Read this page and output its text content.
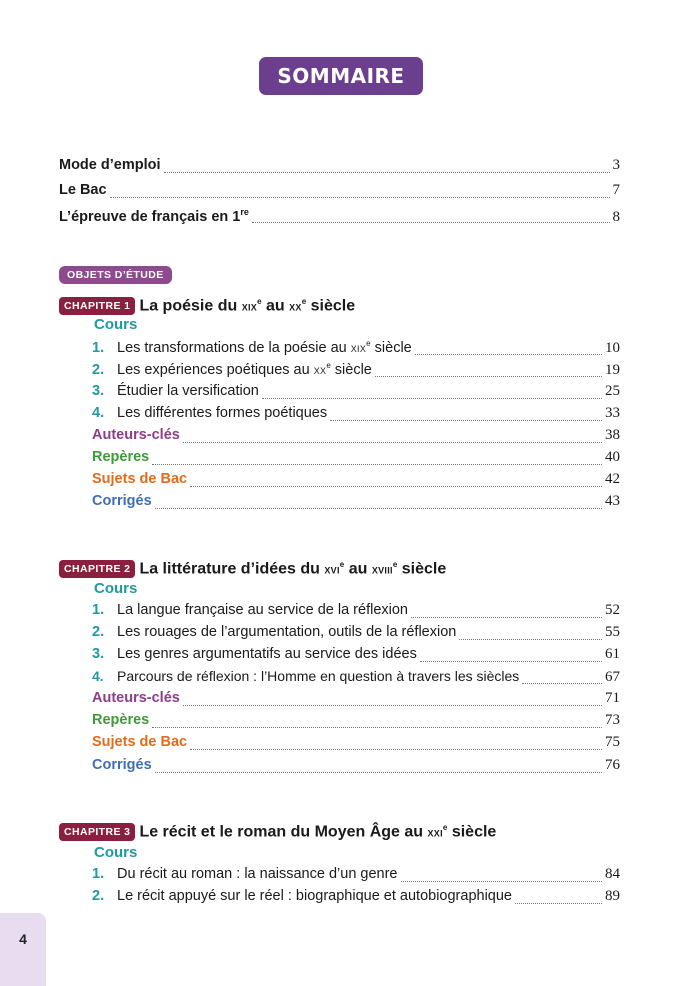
SOMMAIRE
Mode d’emploi	3
Le Bac	7
L’épreuve de français en 1re	8
OBJETS D’ÉTUDE
CHAPITRE 1 La poésie du XIXe au XXe siècle
Cours
1. Les transformations de la poésie au XIXe siècle	10
2. Les expériences poétiques au XXe siècle	19
3. Étudier la versification	25
4. Les différentes formes poétiques	33
Auteurs-clés	38
Repères	40
Sujets de Bac	42
Corrigés	43
CHAPITRE 2 La littérature d’idées du XVIe au XVIIIe siècle
Cours
1. La langue française au service de la réflexion	52
2. Les rouages de l’argumentation, outils de la réflexion	55
3. Les genres argumentatifs au service des idées	61
4. Parcours de réflexion : l’Homme en question à travers les siècles	67
Auteurs-clés	71
Repères	73
Sujets de Bac	75
Corrigés	76
CHAPITRE 3 Le récit et le roman du Moyen Âge au XXIe siècle
Cours
1. Du récit au roman : la naissance d’un genre	84
2. Le récit appuyé sur le réel : biographique et autobiographique	89
4
